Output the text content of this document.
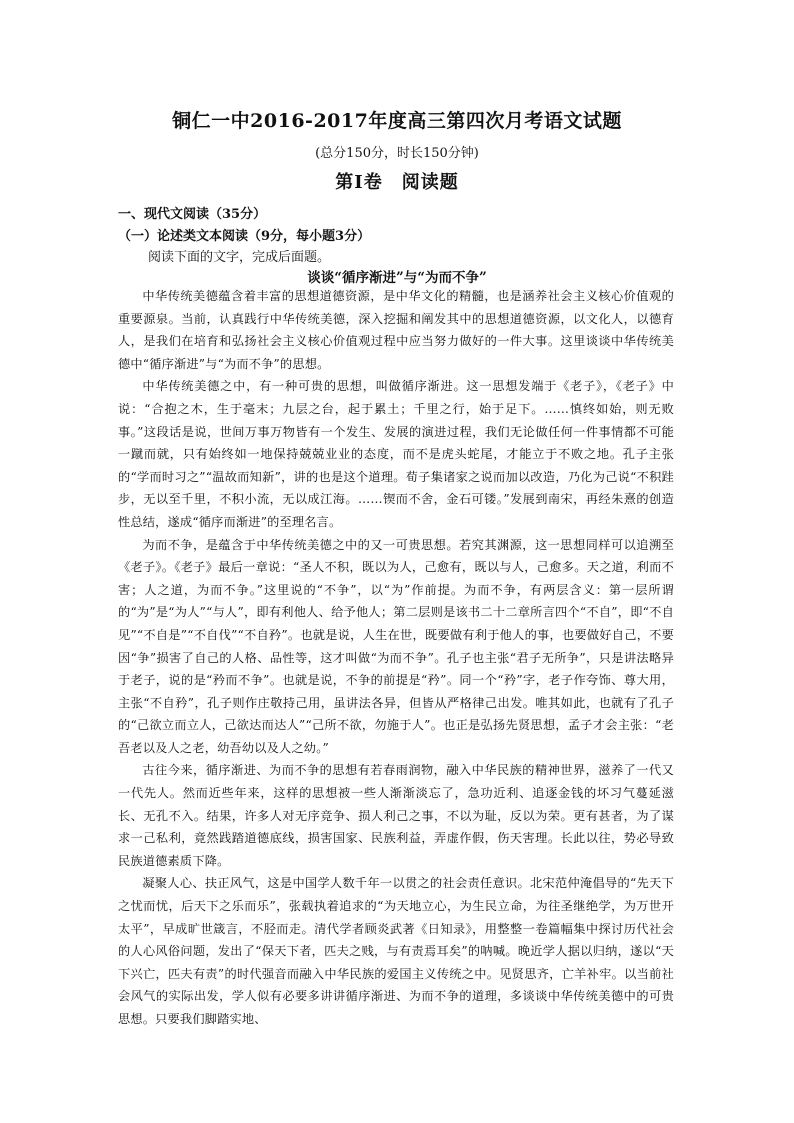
铜仁一中2016-2017年度高三第四次月考语文试题
(总分150分，时长150分钟)
第Ⅰ卷　阅读题
一、现代文阅读（35分）
（一）论述类文本阅读（9分，每小题3分）
阅读下面的文字，完成后面题。
谈谈“循序渐进”与“为而不争”

中华传统美德蕴含着丰富的思想道德资源，是中华文化的精髓，也是涵养社会主义核心价值观的重要源泉。当前，认真践行中华传统美德，深入挖掘和阐发其中的思想道德资源，以文化人，以德育人，是我们在培育和弘扬社会主义核心价值观过程中应当努力做好的一件大事。这里谈谈中华传统美德中“循序渐进”与“为而不争”的思想。

中华传统美德之中，有一种可贵的思想，叫做循序渐进。这一思想发端于《老子》，《老子》中说：“合抱之木，生于毫末；九层之台，起于累土；千里之行，始于足下。……慎终如始，则无败事。”这段话是说，世间万事万物皆有一个发生、发展的演进过程，我们无论做任何一件事情都不可能一蹴而就，只有始终如一地保持兢兢业业的态度，而不是虎头蛇尾，才能立于不败之地。孔子主张的“学而时习之”“温故而知新”，讲的也是这个道理。荀子集诸家之说而加以改造，乃化为己说“不积跬步，无以至千里，不积小流，无以成江海。……锲而不舍，金石可镂。”发展到南宋，再经朱熹的创造性总结，遂成“循序而渐进”的至理名言。

为而不争，是蕴含于中华传统美德之中的又一可贵思想。若究其渊源，这一思想同样可以追溯至《老子》。《老子》最后一章说：“圣人不积，既以为人，己愈有，既以与人，己愈多。天之道，利而不害；人之道，为而不争。”这里说的“不争”，以“为”作前提。为而不争，有两层含义：第一层所谓的“为”是“为人”“与人”，即有利他人、给予他人；第二层则是该书二十二章所言四个“不自”，即“不自见”“不自是”“不自伐”“不自矜”。也就是说，人生在世，既要做有利于他人的事，也要做好自己，不要因“争”损害了自己的人格、品性等，这才叫做“为而不争”。孔子也主张“君子无所争”，只是讲法略异于老子，说的是“矜而不争”。也就是说，不争的前提是“矜”。同一个“矜”字，老子作夸饰、尊大用，主张“不自矜”，孔子则作庄敬持己用，虽讲法各异，但皆从严格律己出发。唯其如此，也就有了孔子的“己欲立而立人，己欲达而达人”“己所不欲，勿施于人”。也正是弘扬先贤思想，孟子才会主张：“老吾老以及人之老，幼吾幼以及人之幼。”

古往今来，循序渐进、为而不争的思想有若春雨润物，融入中华民族的精神世界，滋养了一代又一代先人。然而近些年来，这样的思想被一些人渐渐淡忘了，急功近利、追逐金钱的坏习气蔓延滋长、无孔不入。结果，许多人对无序竞争、损人利己之事，不以为耻，反以为荣。更有甚者，为了谋求一己私利，竟然践踏道德底线，损害国家、民族利益，弄虚作假，伤天害理。长此以往，势必导致民族道德素质下降。

凝聚人心、扶正风气，这是中国学人数千年一以贯之的社会责任意识。北宋范仲淹倡导的“先天下之忧而忧，后天下之乐而乐”，张载执着追求的“为天地立心，为生民立命，为往圣继绝学，为万世开太平”，早成旷世箴言，不胫而走。清代学者顾炎武著《日知录》，用整整一卷篇幅集中探讨历代社会的人心风俗问题，发出了“保天下者，匹夫之贱，与有责焉耳矣”的呐喊。晚近学人据以归纳，遂以“天下兴亡，匹夫有责”的时代强音而融入中华民族的爱国主义传统之中。见贤思齐，亡羊补牢。以当前社会风气的实际出发，学人似有必要多讲讲循序渐进、为而不争的道理，多谈谈中华传统美德中的可贵思想。只要我们脚踏实地、
